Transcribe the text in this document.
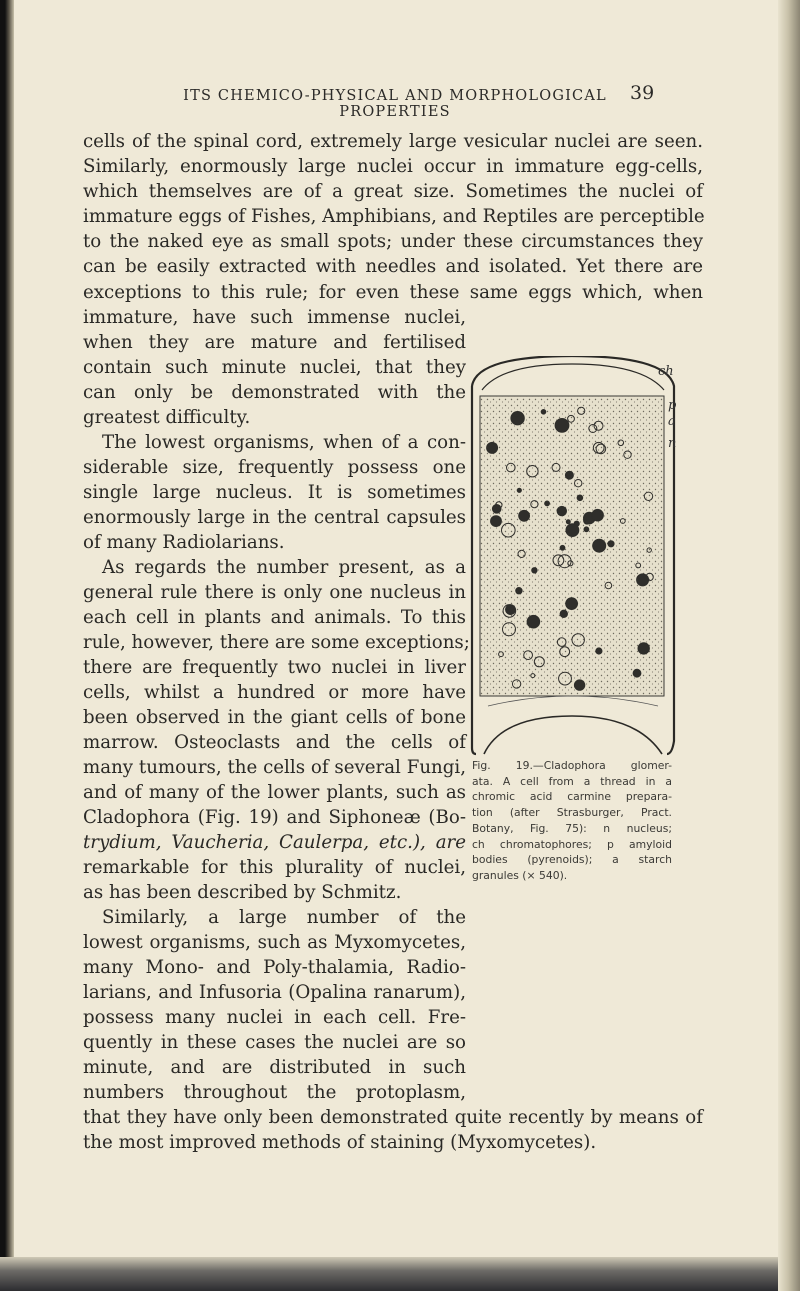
ITS CHEMICO-PHYSICAL AND MORPHOLOGICAL PROPERTIES
39
cells of the spinal cord, extremely large vesicular nuclei are seen.
Similarly, enormously large nuclei occur in immature egg-cells,
which themselves are of a great size. Sometimes the nuclei of
immature eggs of Fishes, Amphibians, and Reptiles are perceptible
to the naked eye as small spots; under these circumstances they
can be easily extracted with needles and isolated. Yet there are
exceptions to this rule; for even these same eggs which, when
immature, have such immense nuclei,
when they are mature and fertilised
contain such minute nuclei, that they
can only be demonstrated with the
greatest difficulty.
The lowest organisms, when of a con-
siderable size, frequently possess one
single large nucleus. It is sometimes
enormously large in the central capsules
of many Radiolarians.
As regards the number present, as a
general rule there is only one nucleus in
each cell in plants and animals. To this
rule, however, there are some exceptions;
there are frequently two nuclei in liver
cells, whilst a hundred or more have
been observed in the giant cells of bone
marrow. Osteoclasts and the cells of
many tumours, the cells of several Fungi,
and of many of the lower plants, such as
Cladophora (Fig. 19) and Siphoneæ (Bo-
trydium, Vaucheria, Caulerpa, etc.), are
remarkable for this plurality of nuclei,
as has been described by Schmitz.
Similarly, a large number of the
lowest organisms, such as Myxomycetes,
many Mono- and Poly-thalamia, Radio-
larians, and Infusoria (Opalina ranarum),
possess many nuclei in each cell. Fre-
quently in these cases the nuclei are so
minute, and are distributed in such
numbers throughout the protoplasm,
that they have only been demonstrated quite recently by means of
the most improved methods of staining (Myxomycetes).
ch
p
a
n
Fig. 19.—Cladophora glomer-
ata. A cell from a thread in a
chromic acid carmine prepara-
tion (after Strasburger, Pract.
Botany, Fig. 75): n nucleus;
ch chromatophores; p amyloid
bodies (pyrenoids); a starch
granules (× 540).
